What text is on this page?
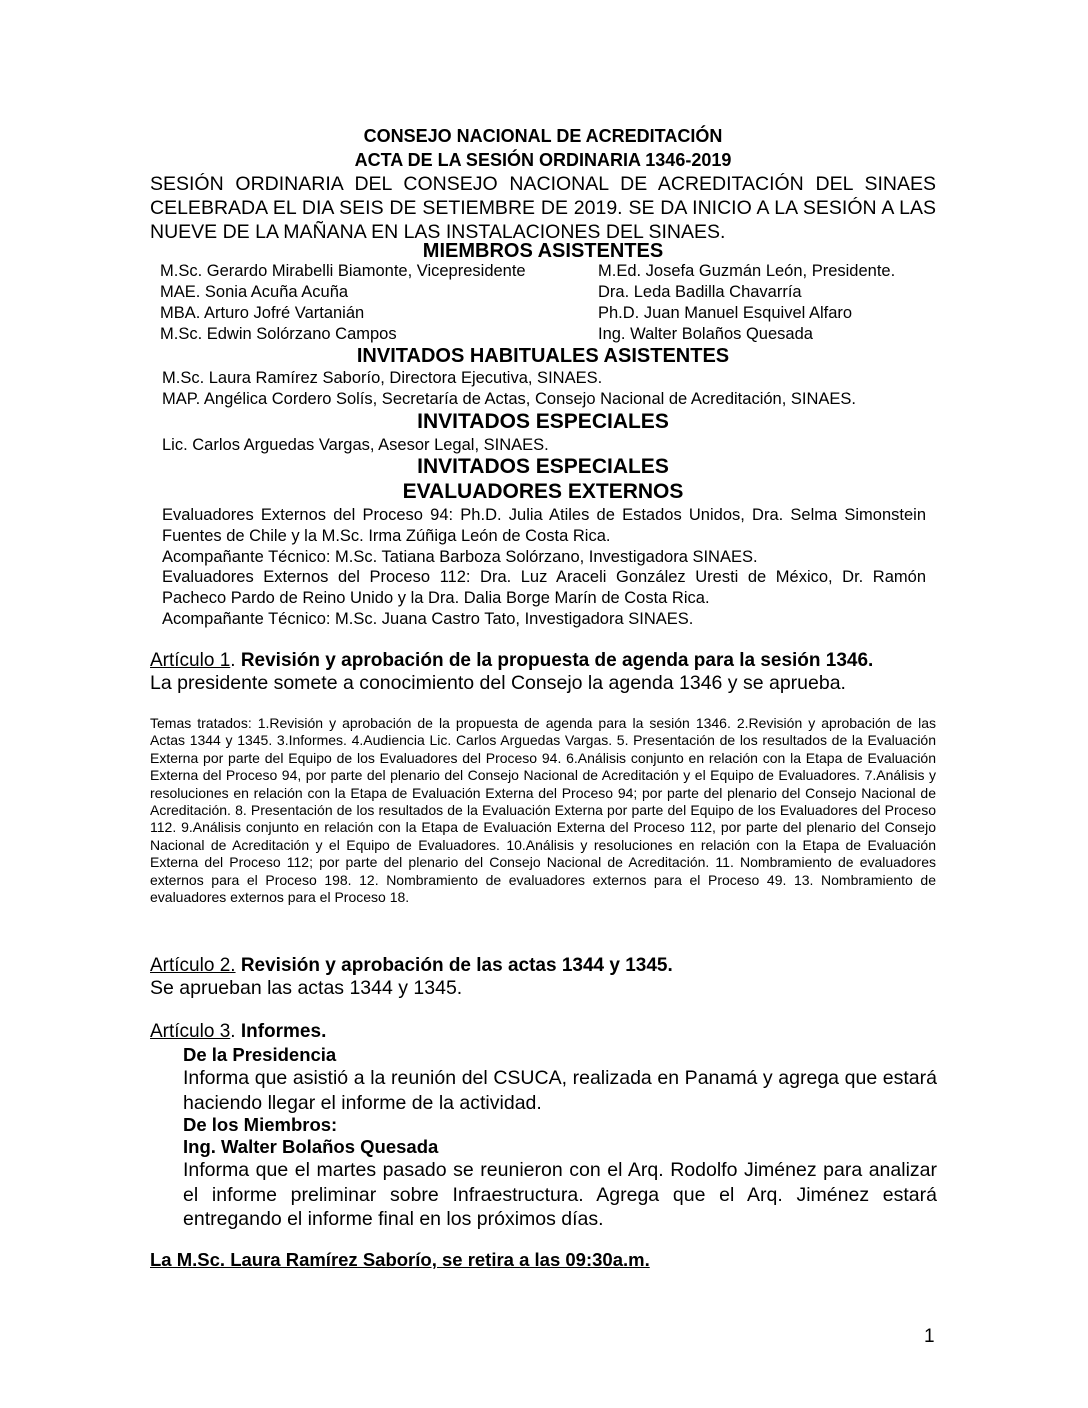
CONSEJO NACIONAL DE ACREDITACIÓN
ACTA DE LA SESIÓN ORDINARIA 1346-2019
SESIÓN ORDINARIA DEL CONSEJO NACIONAL DE ACREDITACIÓN DEL SINAES CELEBRADA EL DIA SEIS DE SETIEMBRE DE 2019. SE DA INICIO A LA SESIÓN A LAS NUEVE DE LA MAÑANA EN LAS INSTALACIONES DEL SINAES.
MIEMBROS ASISTENTES
M.Sc. Gerardo Mirabelli Biamonte, Vicepresidente
MAE. Sonia Acuña Acuña
MBA. Arturo Jofré Vartanián
M.Sc. Edwin Solórzano Campos
M.Ed. Josefa Guzmán León, Presidente.
Dra. Leda Badilla Chavarría
Ph.D. Juan Manuel Esquivel Alfaro
Ing. Walter Bolaños Quesada
INVITADOS HABITUALES ASISTENTES
M.Sc. Laura Ramírez Saborío, Directora Ejecutiva, SINAES.
MAP. Angélica Cordero Solís, Secretaría de Actas, Consejo Nacional de Acreditación, SINAES.
INVITADOS ESPECIALES
Lic. Carlos Arguedas Vargas, Asesor Legal, SINAES.
INVITADOS ESPECIALES
EVALUADORES EXTERNOS
Evaluadores Externos del Proceso 94: Ph.D. Julia Atiles de Estados Unidos, Dra. Selma Simonstein Fuentes de Chile y la M.Sc. Irma Zúñiga León de Costa Rica.
Acompañante Técnico: M.Sc. Tatiana Barboza Solórzano, Investigadora SINAES.
Evaluadores Externos del Proceso 112: Dra. Luz Araceli González Uresti de México, Dr. Ramón Pacheco Pardo de Reino Unido y la Dra. Dalia Borge Marín de Costa Rica.
Acompañante Técnico: M.Sc. Juana Castro Tato, Investigadora SINAES.
Artículo 1. Revisión y aprobación de la propuesta de agenda para la sesión 1346.
La presidente somete a conocimiento del Consejo la agenda 1346 y se aprueba.
Temas tratados: 1.Revisión y aprobación de la propuesta de agenda para la sesión 1346. 2.Revisión y aprobación de las Actas 1344 y 1345. 3.Informes. 4.Audiencia Lic. Carlos Arguedas Vargas. 5. Presentación de los resultados de la Evaluación Externa por parte del Equipo de los Evaluadores del Proceso 94. 6.Análisis conjunto en relación con la Etapa de Evaluación Externa del Proceso 94, por parte del plenario del Consejo Nacional de Acreditación y el Equipo de Evaluadores. 7.Análisis y resoluciones en relación con la Etapa de Evaluación Externa del Proceso 94; por parte del plenario del Consejo Nacional de Acreditación. 8. Presentación de los resultados de la Evaluación Externa por parte del Equipo de los Evaluadores del Proceso 112. 9.Análisis conjunto en relación con la Etapa de Evaluación Externa del Proceso 112, por parte del plenario del Consejo Nacional de Acreditación y el Equipo de Evaluadores. 10.Análisis y resoluciones en relación con la Etapa de Evaluación Externa del Proceso 112; por parte del plenario del Consejo Nacional de Acreditación. 11. Nombramiento de evaluadores externos para el Proceso 198. 12. Nombramiento de evaluadores externos para el Proceso 49. 13. Nombramiento de evaluadores externos para el Proceso 18.
Artículo 2. Revisión y aprobación de las actas 1344 y 1345.
Se aprueban las actas 1344 y 1345.
Artículo 3. Informes.
De la Presidencia
Informa que asistió a la reunión del CSUCA, realizada en Panamá y agrega que estará haciendo llegar el informe de la actividad.
De los Miembros:
Ing. Walter Bolaños Quesada
Informa que el martes pasado se reunieron con el Arq. Rodolfo Jiménez para analizar el informe preliminar sobre Infraestructura. Agrega que el Arq. Jiménez estará entregando el informe final en los próximos días.
La M.Sc. Laura Ramírez Saborío, se retira a las 09:30a.m.
1
